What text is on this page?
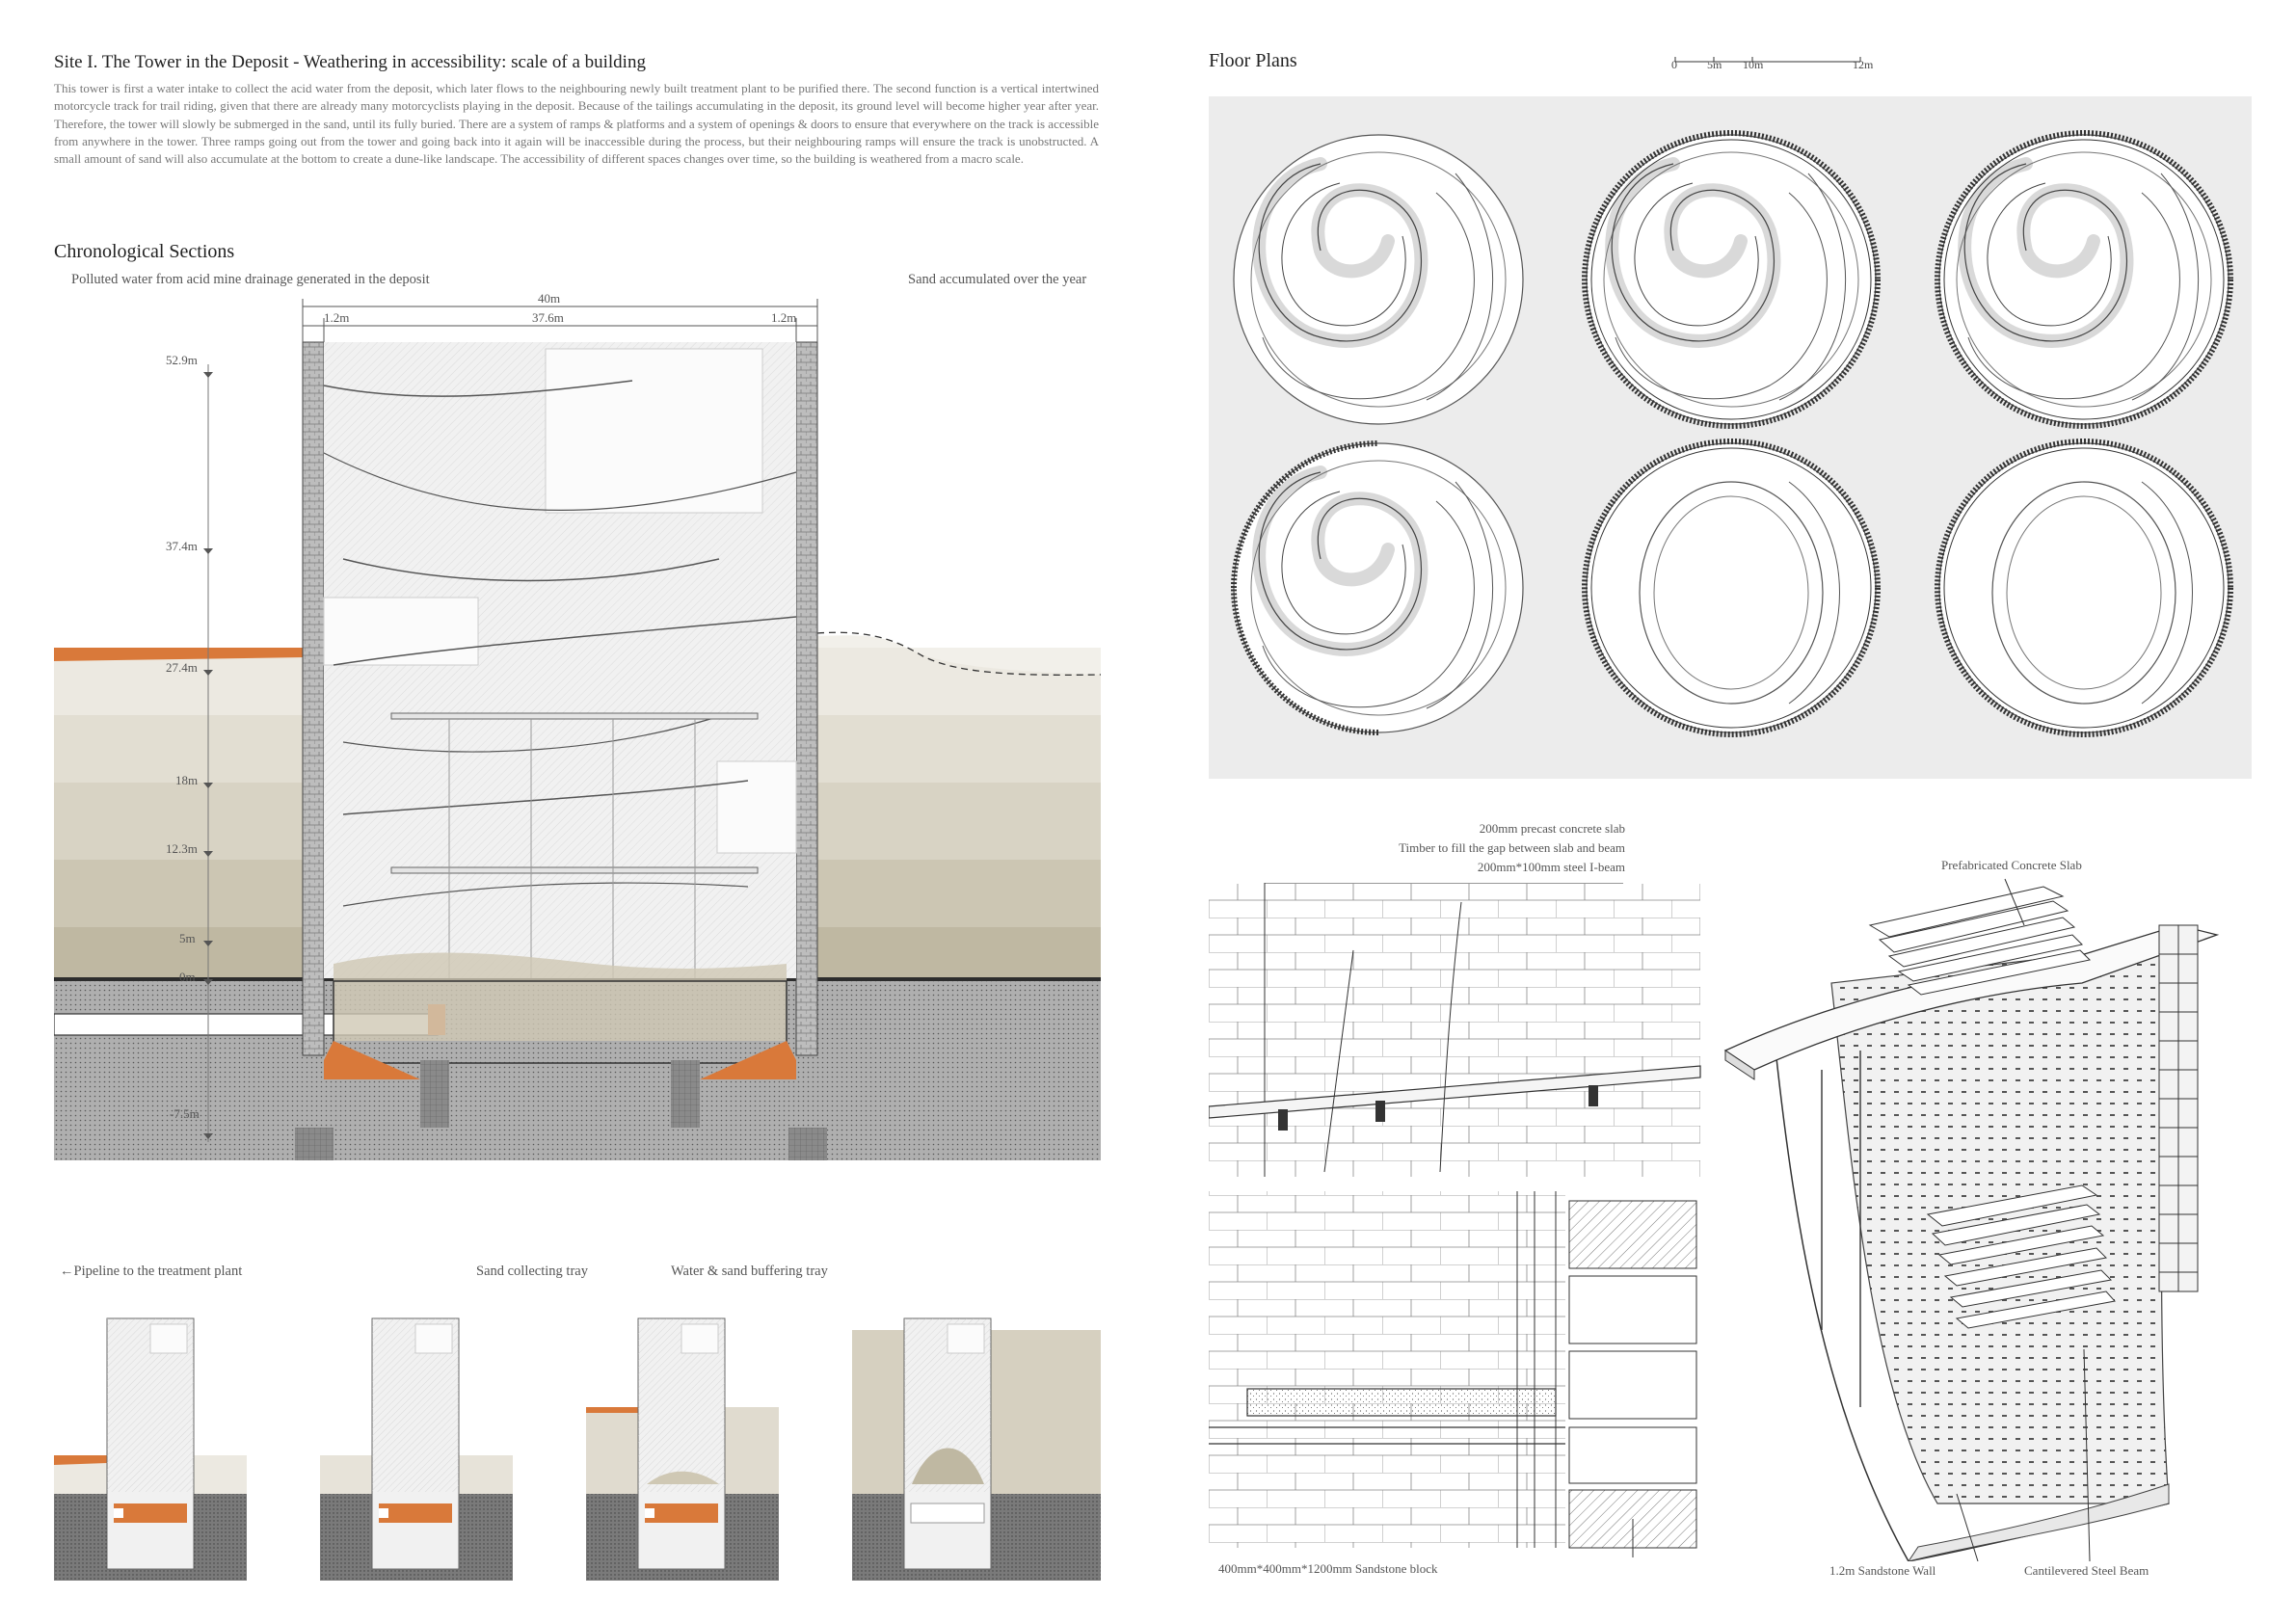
Site I. The Tower in the Deposit - Weathering in accessibility: scale of a building
This tower is first a water intake to collect the acid water from the deposit, which later flows to the neighbouring newly built treatment plant to be purified there. The second function is a vertical intertwined motorcycle track for trail riding, given that there are already many motorcyclists playing in the deposit. Because of the tailings accumulating in the deposit, its ground level will become higher year after year. Therefore, the tower will slowly be submerged in the sand, until its fully buried. There are a system of ramps & platforms and a system of openings & doors to ensure that everywhere on the track is accessible from anywhere in the tower. Three ramps going out from the tower and going back into it again will be inaccessible during the process, but their neighbouring ramps will ensure the track is unobstructed. A small amount of sand will also accumulate at the bottom to create a dune-like landscape. The accessibility of different spaces changes over time, so the building is weathered from a macro scale.
Chronological Sections
Polluted water from acid mine drainage generated in the deposit	Sand accumulated over the year
40m
1.2m	37.6m	1.2m
52.9m
37.4m
27.4m
18m
12.3m
5m
0m
-7.5m
←Pipeline to the treatment plant	Sand collecting tray	Water & sand buffering tray
Floor Plans	0	5m 10m	12m
200mm precast concrete slab
Timber to fill the gap between slab and beam
200mm*100mm steel I-beam
400mm*400mm*1200mm Sandstone block
Prefabricated Concrete Slab
1.2m Sandstone Wall	Cantilevered Steel Beam
